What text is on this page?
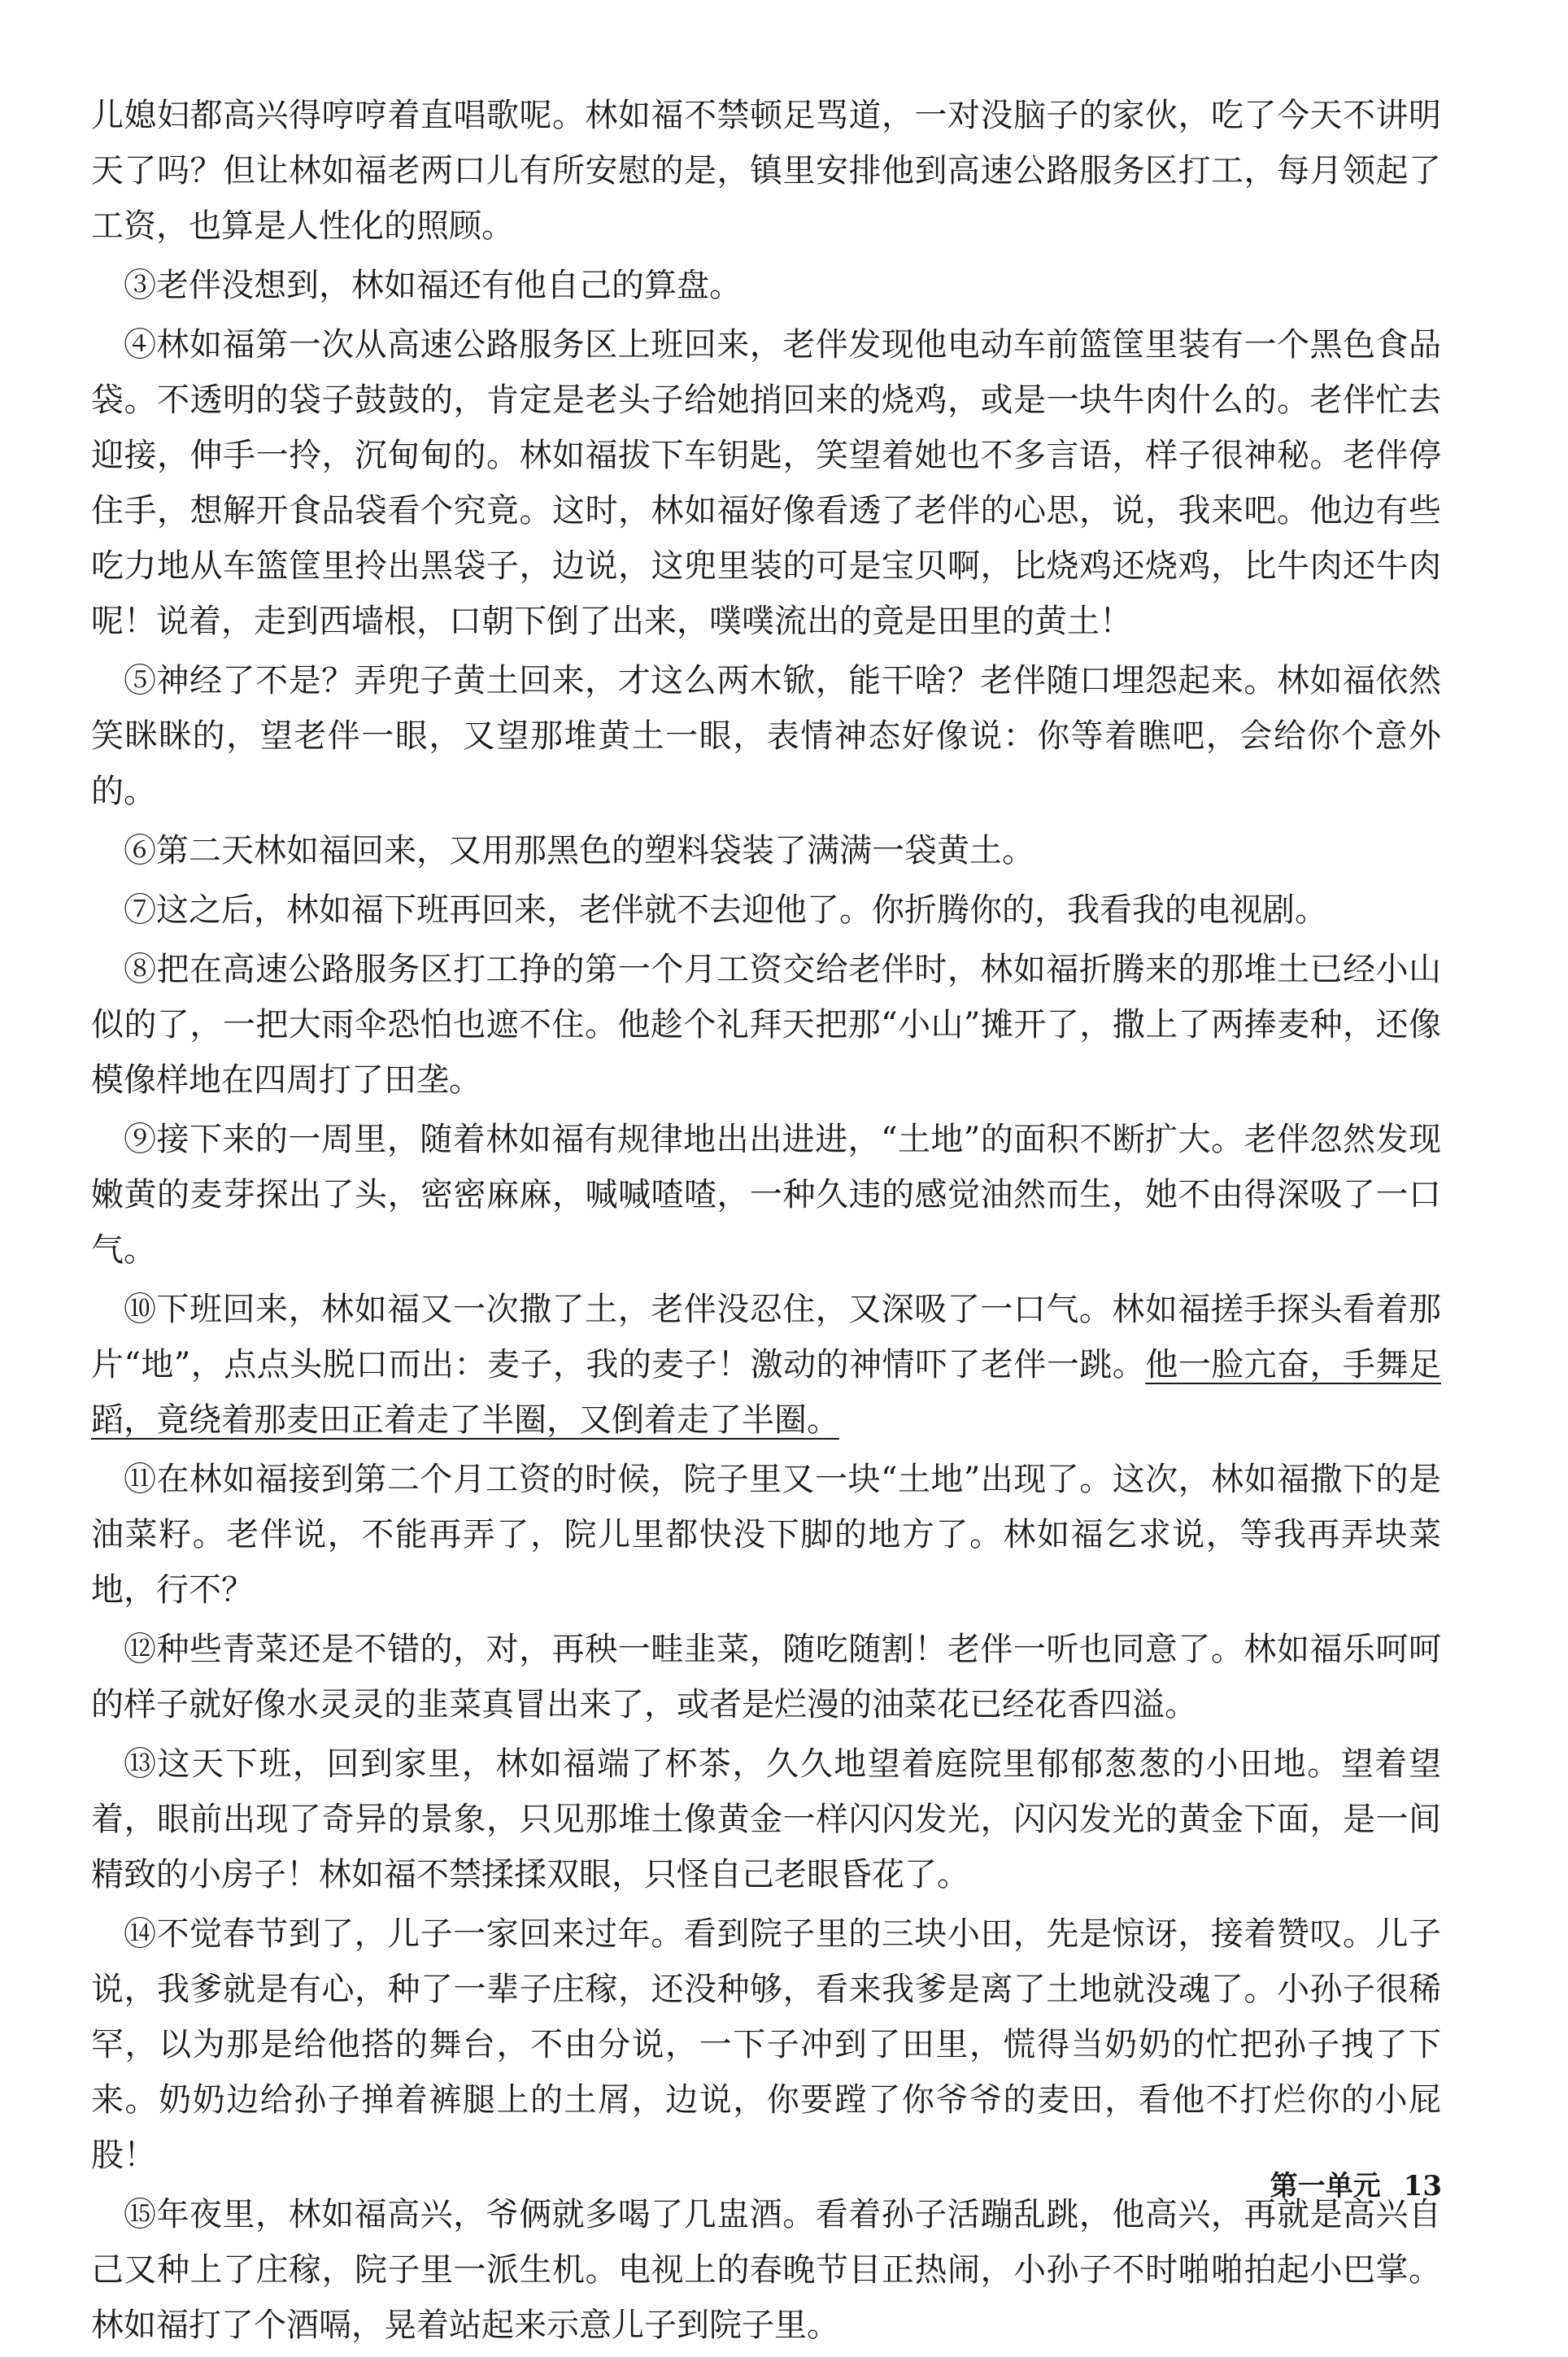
儿媳妇都高兴得哼哼着直唱歌呢。林如福不禁顿足骂道，一对没脑子的家伙，吃了今天不讲明天了吗？但让林如福老两口儿有所安慰的是，镇里安排他到高速公路服务区打工，每月领起了工资，也算是人性化的照顾。

③老伴没想到，林如福还有他自己的算盘。

④林如福第一次从高速公路服务区上班回来，老伴发现他电动车前篮筐里装有一个黑色食品袋。不透明的袋子鼓鼓的，肯定是老头子给她捎回来的烧鸡，或是一块牛肉什么的。老伴忙去迎接，伸手一拎，沉甸甸的。林如福拔下车钥匙，笑望着她也不多言语，样子很神秘。老伴停住手，想解开食品袋看个究竟。这时，林如福好像看透了老伴的心思，说，我来吧。他边有些吃力地从车篮筐里拎出黑袋子，边说，这兜里装的可是宝贝啊，比烧鸡还烧鸡，比牛肉还牛肉呢！说着，走到西墙根，口朝下倒了出来，噗噗流出的竟是田里的黄土！

⑤神经了不是？弄兜子黄土回来，才这么两木锨，能干啥？老伴随口埋怨起来。林如福依然笑眯眯的，望老伴一眼，又望那堆黄土一眼，表情神态好像说：你等着瞧吧，会给你个意外的。

⑥第二天林如福回来，又用那黑色的塑料袋装了满满一袋黄土。

⑦这之后，林如福下班再回来，老伴就不去迎他了。你折腾你的，我看我的电视剧。

⑧把在高速公路服务区打工挣的第一个月工资交给老伴时，林如福折腾来的那堆土已经小山似的了，一把大雨伞恐怕也遮不住。他趁个礼拜天把那“小山”摊开了，撒上了两捧麦种，还像模像样地在四周打了田垄。

⑨接下来的一周里，随着林如福有规律地出出进进，“土地”的面积不断扩大。老伴忽然发现嫩黄的麦芽探出了头，密密麻麻，喊喊喳喳，一种久违的感觉油然而生，她不由得深吸了一口气。

⑩下班回来，林如福又一次撒了土，老伴没忍住，又深吸了一口气。林如福搓手探头看着那片“地”，点点头脱口而出：麦子，我的麦子！激动的神情吓了老伴一跳。他一脸亢奋，手舞足蹈，竟绕着那麦田正着走了半圈，又倒着走了半圈。

⑪在林如福接到第二个月工资的时候，院子里又一块“土地”出现了。这次，林如福撒下的是油菜籽。老伴说，不能再弄了，院儿里都快没下脚的地方了。林如福乞求说，等我再弄块菜地，行不？

⑫种些青菜还是不错的，对，再秧一畦韭菜，随吃随割！老伴一听也同意了。林如福乐呵呵的样子就好像水灵灵的韭菜真冒出来了，或者是烂漫的油菜花已经花香四溢。

⑬这天下班，回到家里，林如福端了杯茶，久久地望着庭院里郁郁葱葱的小田地。望着望着，眼前出现了奇异的景象，只见那堆土像黄金一样闪闪发光，闪闪发光的黄金下面，是一间精致的小房子！林如福不禁揉揉双眼，只怪自己老眼昏花了。

⑭不觉春节到了，儿子一家回来过年。看到院子里的三块小田，先是惊讶，接着赞叹。儿子说，我爹就是有心，种了一辈子庄稼，还没种够，看来我爹是离了土地就没魂了。小孙子很稀罕，以为那是给他搭的舞台，不由分说，一下子冲到了田里，慌得当奶奶的忙把孙子拽了下来。奶奶边给孙子掸着裤腿上的土屑，边说，你要蹚了你爷爷的麦田，看他不打烂你的小屁股！

⑮年夜里，林如福高兴，爷俩就多喝了几盅酒。看着孙子活蹦乱跳，他高兴，再就是高兴自己又种上了庄稼，院子里一派生机。电视上的春晚节目正热闹，小孙子不时啪啪拍起小巴掌。林如福打了个酒嗝，晃着站起来示意儿子到院子里。

第一单元 13
